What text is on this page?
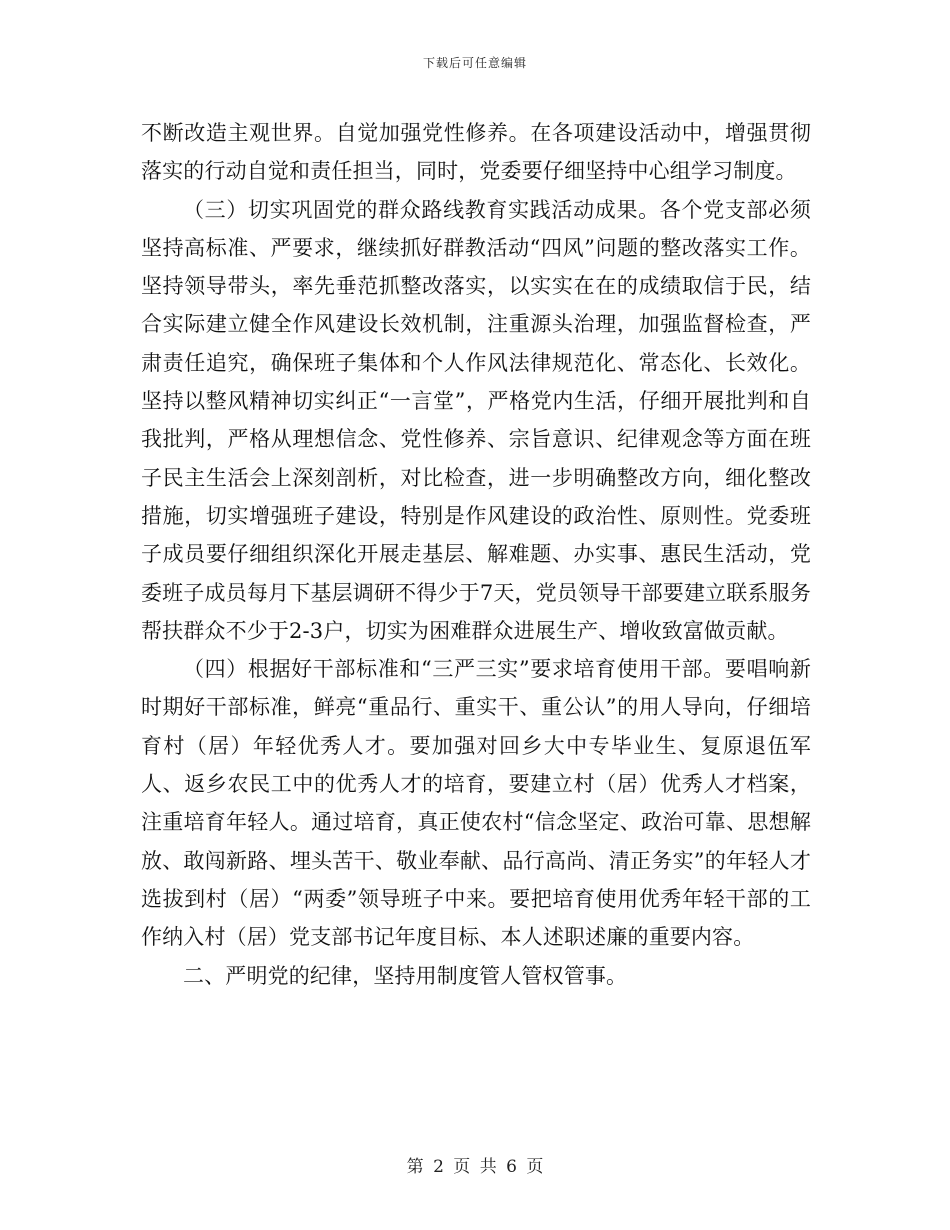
下载后可任意编辑

不断改造主观世界。自觉加强党性修养。在各项建设活动中，增强贯彻落实的行动自觉和责任担当，同时，党委要仔细坚持中心组学习制度。

（三）切实巩固党的群众路线教育实践活动成果。各个党支部必须坚持高标准、严要求，继续抓好群教活动“四风”问题的整改落实工作。坚持领导带头，率先垂范抓整改落实，以实实在在的成绩取信于民，结合实际建立健全作风建设长效机制，注重源头治理，加强监督检查，严肃责任追究，确保班子集体和个人作风法律规范化、常态化、长效化。坚持以整风精神切实纠正“一言堂”，严格党内生活，仔细开展批判和自我批判，严格从理想信念、党性修养、宗旨意识、纪律观念等方面在班子民主生活会上深刻剖析，对比检查，进一步明确整改方向，细化整改措施，切实增强班子建设，特别是作风建设的政治性、原则性。党委班子成员要仔细组织深化开展走基层、解难题、办实事、惠民生活动，党委班子成员每月下基层调研不得少于7天，党员领导干部要建立联系服务帮扶群众不少于2-3户，切实为困难群众进展生产、增收致富做贡献。

（四）根据好干部标准和“三严三实”要求培育使用干部。要唱响新时期好干部标准，鲜亮“重品行、重实干、重公认”的用人导向，仔细培育村（居）年轻优秀人才。要加强对回乡大中专毕业生、复原退伍军人、返乡农民工中的优秀人才的培育，要建立村（居）优秀人才档案，注重培育年轻人。通过培育，真正使农村“信念坚定、政治可靠、思想解放、敢闯新路、埋头苦干、敬业奉献、品行高尚、清正务实”的年轻人才选拔到村（居）“两委”领导班子中来。要把培育使用优秀年轻干部的工作纳入村（居）党支部书记年度目标、本人述职述廉的重要内容。

二、严明党的纪律，坚持用制度管人管权管事。

第 2 页 共 6 页
